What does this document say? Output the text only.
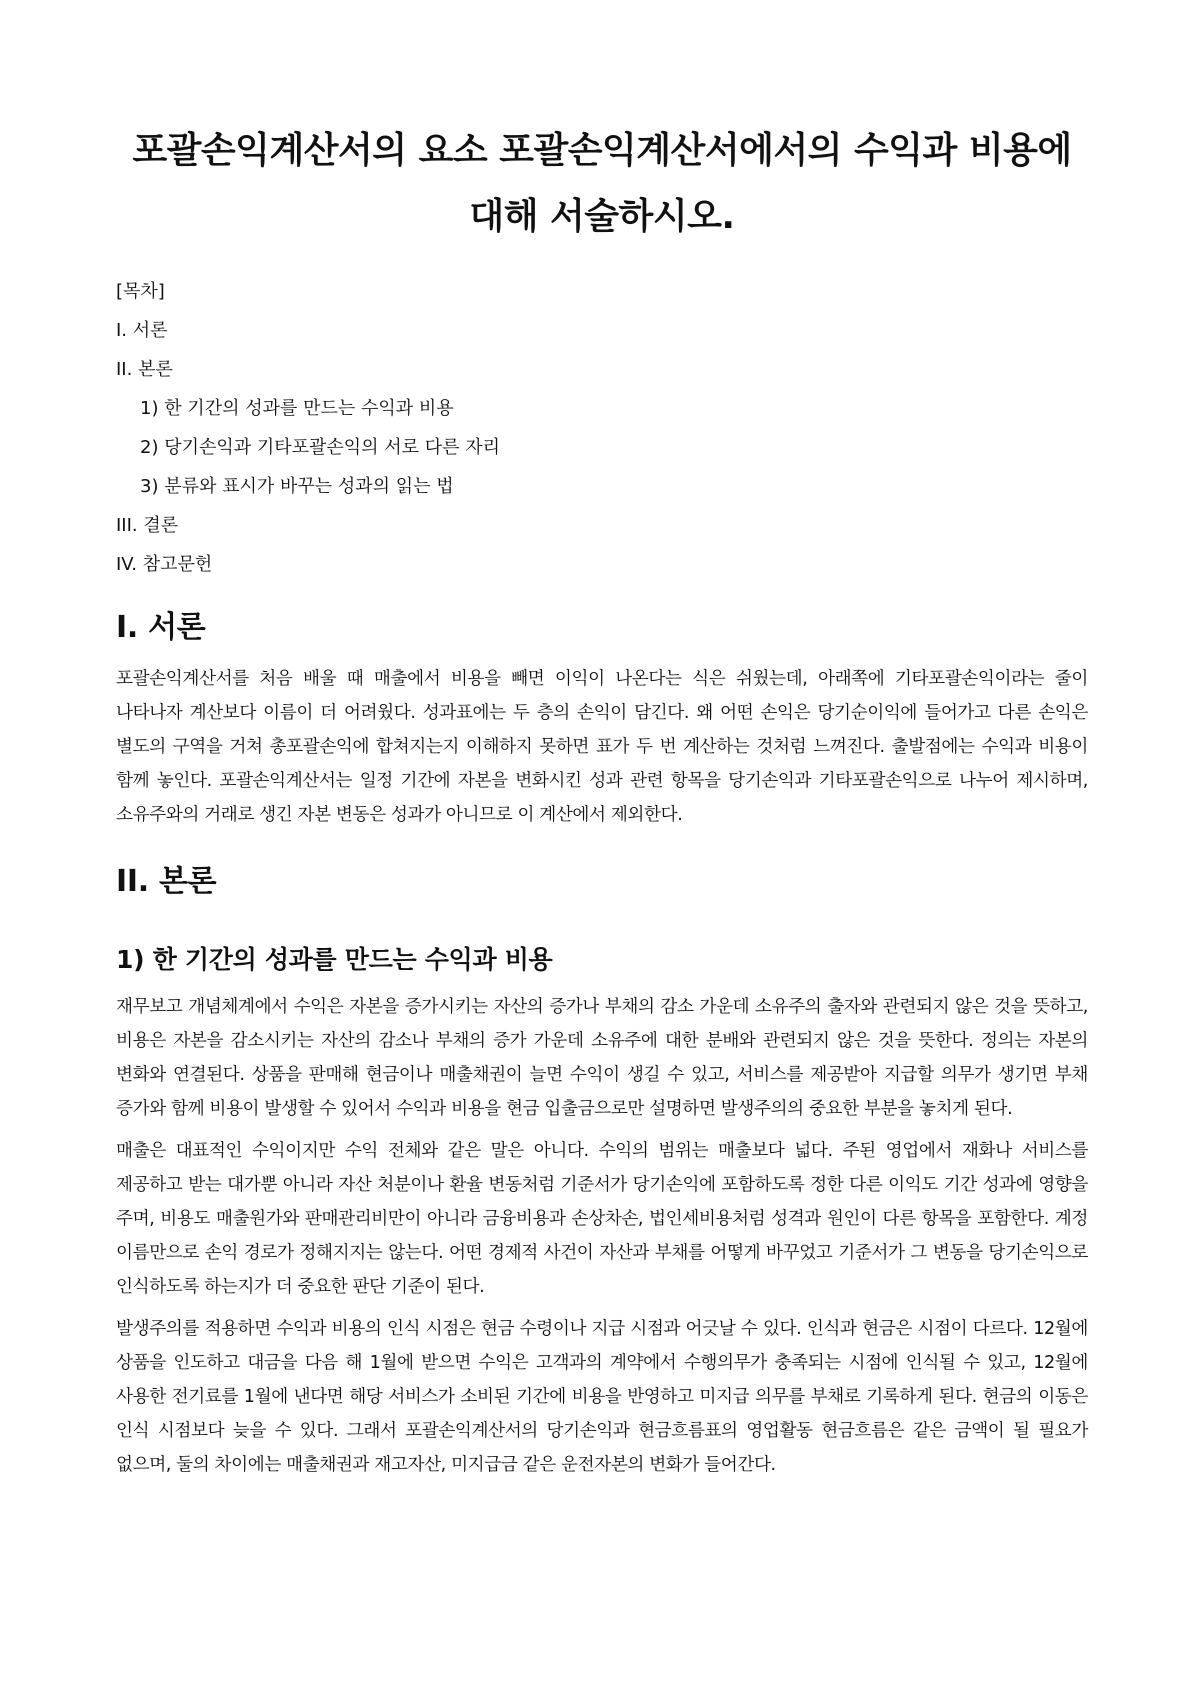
포괄손익계산서의 요소 포괄손익계산서에서의 수익과 비용에 대해 서술하시오.
[목차]
I. 서론
II. 본론
1) 한 기간의 성과를 만드는 수익과 비용
2) 당기손익과 기타포괄손익의 서로 다른 자리
3) 분류와 표시가 바꾸는 성과의 읽는 법
III. 결론
IV. 참고문헌
I. 서론

포괄손익계산서를 처음 배울 때 매출에서 비용을 빼면 이익이 나온다는 식은 쉬웠는데, 아래쪽에 기타포괄손익이라는 줄이 나타나자 계산보다 이름이 더 어려웠다. 성과표에는 두 층의 손익이 담긴다. 왜 어떤 손익은 당기순이익에 들어가고 다른 손익은 별도의 구역을 거쳐 총포괄손익에 합쳐지는지 이해하지 못하면 표가 두 번 계산하는 것처럼 느껴진다. 출발점에는 수익과 비용이 함께 놓인다. 포괄손익계산서는 일정 기간에 자본을 변화시킨 성과 관련 항목을 당기손익과 기타포괄손익으로 나누어 제시하며, 소유주와의 거래로 생긴 자본 변동은 성과가 아니므로 이 계산에서 제외한다.

II. 본론
1) 한 기간의 성과를 만드는 수익과 비용

재무보고 개념체계에서 수익은 자본을 증가시키는 자산의 증가나 부채의 감소 가운데 소유주의 출자와 관련되지 않은 것을 뜻하고, 비용은 자본을 감소시키는 자산의 감소나 부채의 증가 가운데 소유주에 대한 분배와 관련되지 않은 것을 뜻한다. 정의는 자본의 변화와 연결된다. 상품을 판매해 현금이나 매출채권이 늘면 수익이 생길 수 있고, 서비스를 제공받아 지급할 의무가 생기면 부채 증가와 함께 비용이 발생할 수 있어서 수익과 비용을 현금 입출금으로만 설명하면 발생주의의 중요한 부분을 놓치게 된다.

매출은 대표적인 수익이지만 수익 전체와 같은 말은 아니다. 수익의 범위는 매출보다 넓다. 주된 영업에서 재화나 서비스를 제공하고 받는 대가뿐 아니라 자산 처분이나 환율 변동처럼 기준서가 당기손익에 포함하도록 정한 다른 이익도 기간 성과에 영향을 주며, 비용도 매출원가와 판매관리비만이 아니라 금융비용과 손상차손, 법인세비용처럼 성격과 원인이 다른 항목을 포함한다. 계정 이름만으로 손익 경로가 정해지지는 않는다. 어떤 경제적 사건이 자산과 부채를 어떻게 바꾸었고 기준서가 그 변동을 당기손익으로 인식하도록 하는지가 더 중요한 판단 기준이 된다.

발생주의를 적용하면 수익과 비용의 인식 시점은 현금 수령이나 지급 시점과 어긋날 수 있다. 인식과 현금은 시점이 다르다. 12월에 상품을 인도하고 대금을 다음 해 1월에 받으면 수익은 고객과의 계약에서 수행의무가 충족되는 시점에 인식될 수 있고, 12월에 사용한 전기료를 1월에 낸다면 해당 서비스가 소비된 기간에 비용을 반영하고 미지급 의무를 부채로 기록하게 된다. 현금의 이동은 인식 시점보다 늦을 수 있다. 그래서 포괄손익계산서의 당기손익과 현금흐름표의 영업활동 현금흐름은 같은 금액이 될 필요가 없으며, 둘의 차이에는 매출채권과 재고자산, 미지급금 같은 운전자본의 변화가 들어간다.
